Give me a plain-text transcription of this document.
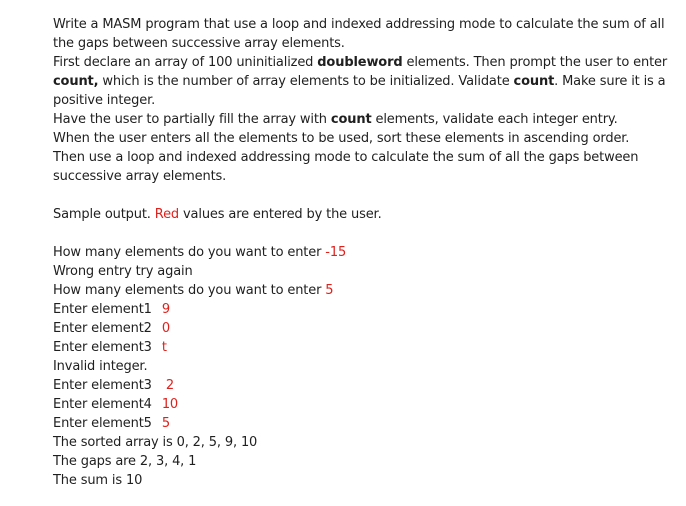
Write a MASM program that use a loop and indexed addressing mode to calculate the sum of all
the gaps between successive array elements.
First declare an array of 100 uninitialized doubleword elements. Then prompt the user to enter
count, which is the number of array elements to be initialized. Validate count. Make sure it is a
positive integer.
Have the user to partially fill the array with count elements, validate each integer entry.
When the user enters all the elements to be used, sort these elements in ascending order.
Then use a loop and indexed addressing mode to calculate the sum of all the gaps between
successive array elements.
Sample output. Red values are entered by the user.
How many elements do you want to enter -15
Wrong entry try again
How many elements do you want to enter 5
Enter element1 9
Enter element2 0
Enter element3 t
Invalid integer.
Enter element3 2
Enter element4 10
Enter element5 5
The sorted array is 0, 2, 5, 9, 10
The gaps are 2, 3, 4, 1
The sum is 10
